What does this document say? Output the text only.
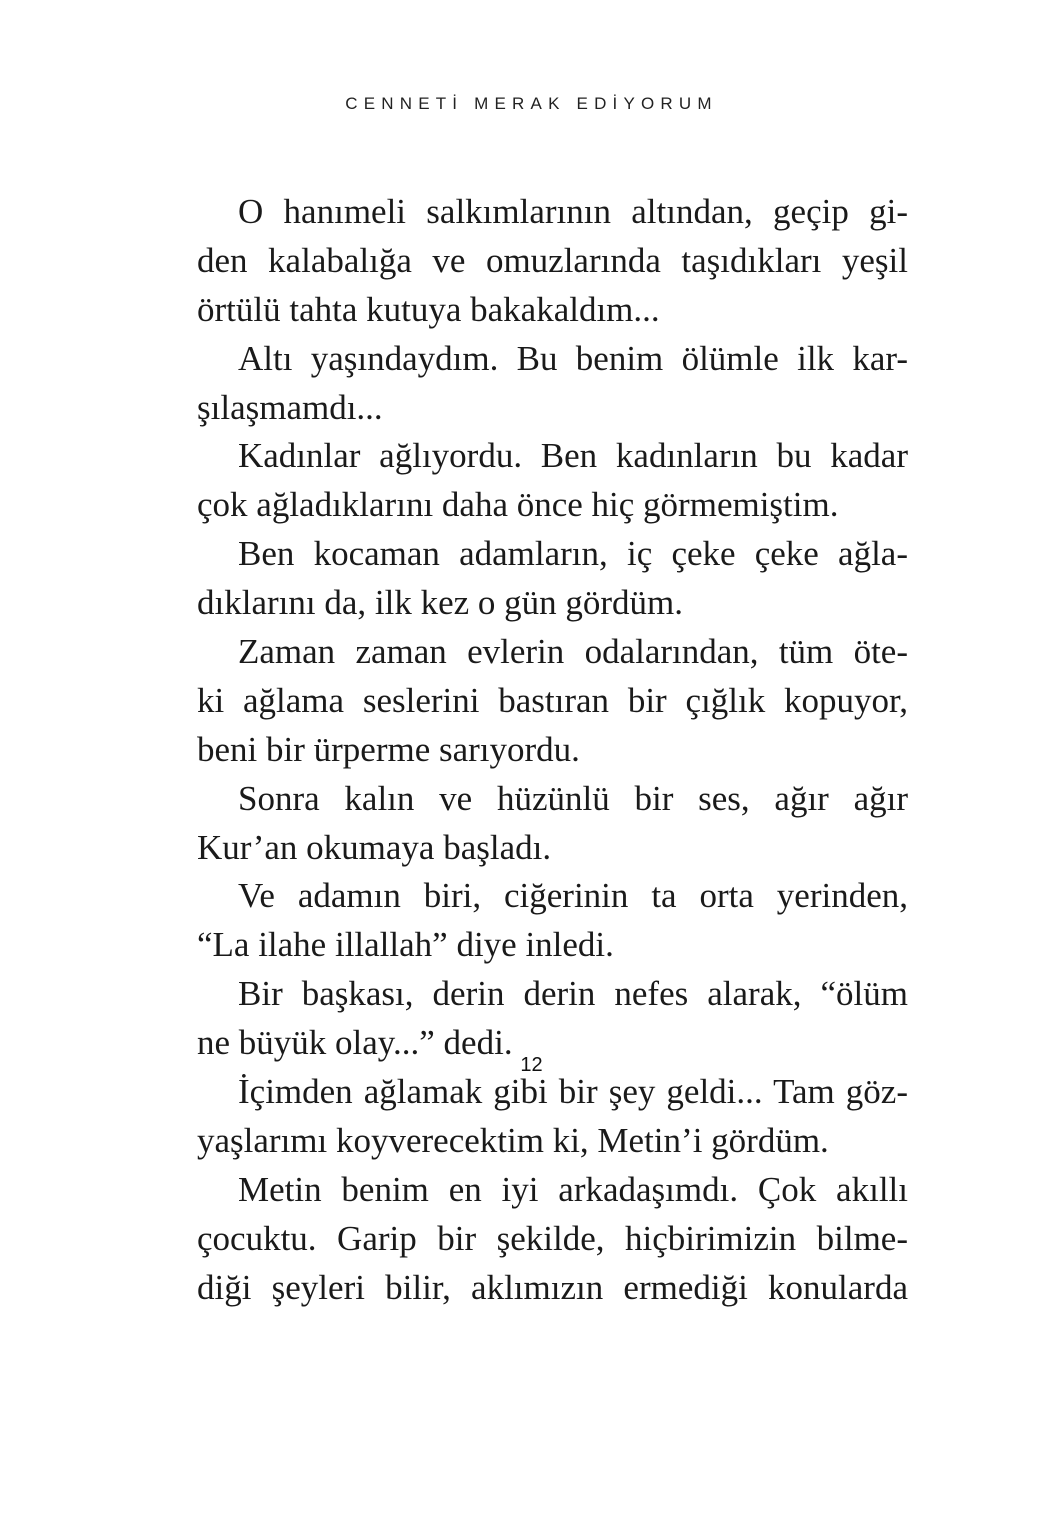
CENNETİ MERAK EDİYORUM
O hanımeli salkımlarının altından, geçip gi-
den kalabalığa ve omuzlarında taşıdıkları yeşil
örtülü tahta kutuya bakakaldım...
Altı yaşındaydım. Bu benim ölümle ilk kar-
şılaşmamdı...
Kadınlar ağlıyordu. Ben kadınların bu kadar
çok ağladıklarını daha önce hiç görmemiştim.
Ben kocaman adamların, iç çeke çeke ağla-
dıklarını da, ilk kez o gün gördüm.
Zaman zaman evlerin odalarından, tüm öte-
ki ağlama seslerini bastıran bir çığlık kopuyor,
beni bir ürperme sarıyordu.
Sonra kalın ve hüzünlü bir ses, ağır ağır
Kur’an okumaya başladı.
Ve adamın biri, ciğerinin ta orta yerinden,
“La ilahe illallah” diye inledi.
Bir başkası, derin derin nefes alarak, “ölüm
ne büyük olay...” dedi.
İçimden ağlamak gibi bir şey geldi... Tam göz-
yaşlarımı koyverecektim ki, Metin’i gördüm.
Metin benim en iyi arkadaşımdı. Çok akıllı
çocuktu. Garip bir şekilde, hiçbirimizin bilme-
diği şeyleri bilir, aklımızın ermediği konularda
12
